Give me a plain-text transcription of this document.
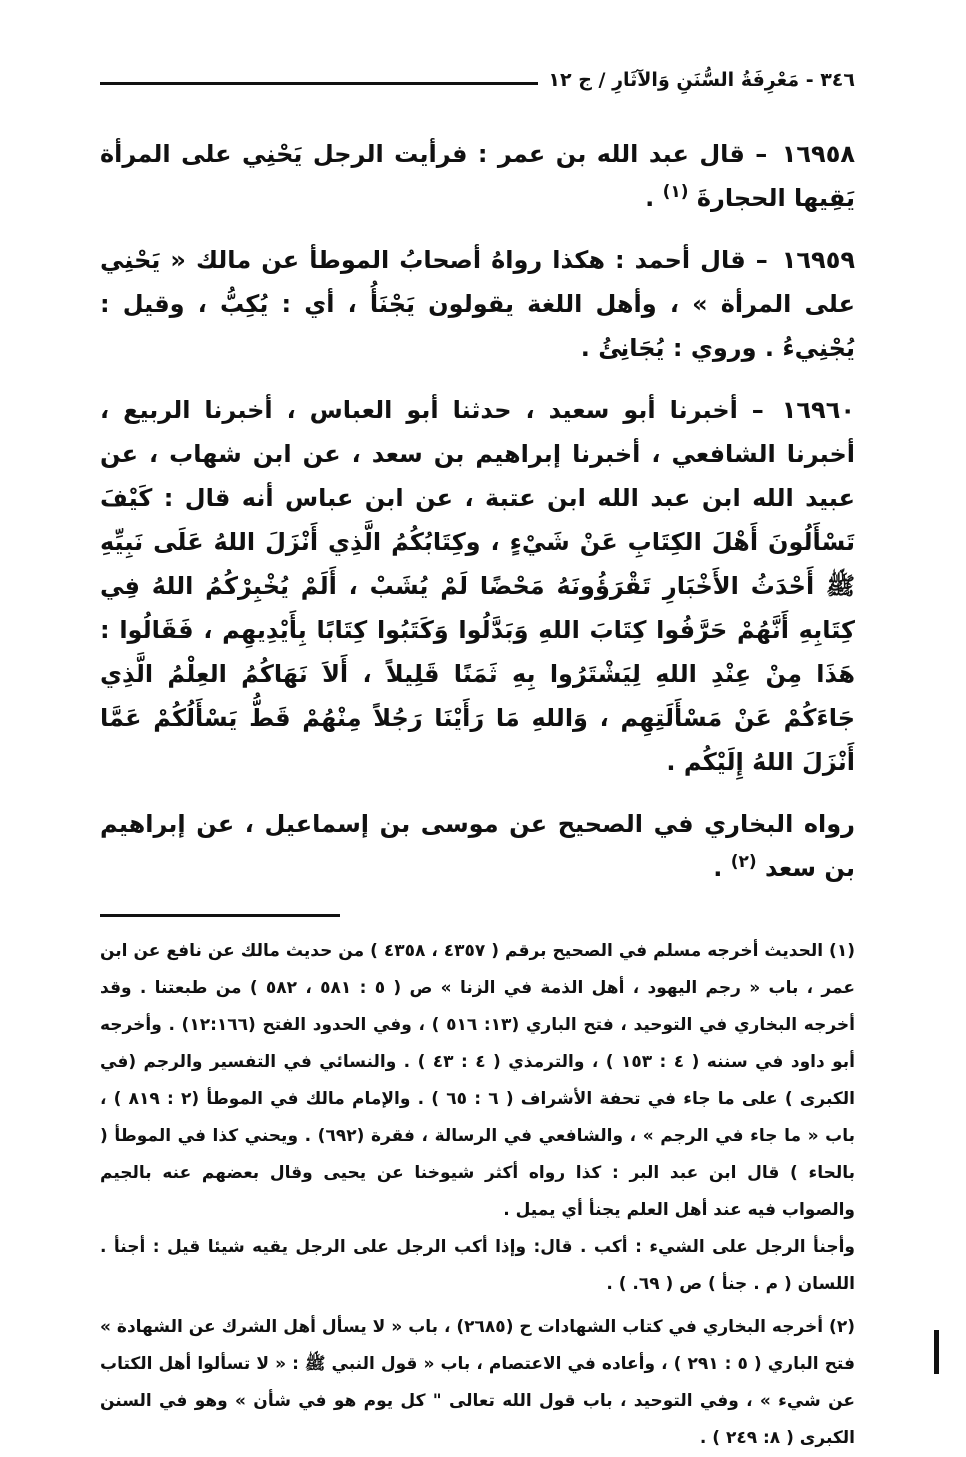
٣٤٦ - مَعْرِفَةُ السُّنَنِ وَالآثَارِ / ج ١٢

١٦٩٥٨ – قال عبد الله بن عمر : فرأيت الرجل يَحْنِي على المرأة يَقِيها الحجارةَ $^{(١)}$ .

١٦٩٥٩ – قال أحمد : هكذا رواهُ أصحابُ الموطأ عن مالك « يَحْنِي على المرأة » ، وأهل اللغة يقولون يَجْنَأُ ، أي : يُكِبُّ ، وقيل : يُجْنِيءُ . وروي : يُجَانِئُ .

١٦٩٦٠ – أخبرنا أبو سعيد ، حدثنا أبو العباس ، أخبرنا الربيع ، أخبرنا الشافعي ، أخبرنا إبراهيم بن سعد ، عن ابن شهاب ، عن عبيد الله ابن عبد الله ابن عتبة ، عن ابن عباس أنه قال : كَيْفَ تَسْأَلُونَ أَهْلَ الكِتَابِ عَنْ شَيْءٍ ، وكِتَابُكُمُ الَّذِي أَنْزَلَ اللهُ عَلَى نَبِيِّهِ ﷺ أَحْدَثُ الأَخْبَارِ تَقْرَؤُونَهُ مَحْضًا لَمْ يُشَبْ ، أَلَمْ يُخْبِرْكُمُ اللهُ فِي كِتَابِهِ أَنَّهُمْ حَرَّفُوا كِتَابَ اللهِ وَبَدَّلُوا وَكَتَبُوا كِتَابًا بِأَيْدِيهِم ، فَقَالُوا : هَذَا مِنْ عِنْدِ اللهِ لِيَشْتَرُوا بِهِ ثَمَنًا قَلِيلاً ، أَلاَ نَهَاكُمُ العِلْمُ الَّذِي جَاءَكُمْ عَنْ مَسْأَلَتِهِم ، وَاللهِ مَا رَأَيْنَا رَجُلاً مِنْهُمْ قَطُّ يَسْأَلُكُمْ عَمَّا أَنْزَلَ اللهُ إِلَيْكُم .

رواه البخاري في الصحيح عن موسى بن إسماعيل ، عن إبراهيم بن سعد $^{(٢)}$ .

(١) الحديث أخرجه مسلم في الصحيح برقم ( ٤٣٥٧ ، ٤٣٥٨ ) من حديث مالك عن نافع عن ابن عمر ، باب « رجم اليهود ، أهل الذمة في الزنا » ص ( ٥ : ٥٨١ ، ٥٨٢ ) من طبعتنا . وقد أخرجه البخاري في التوحيد ، فتح الباري (١٣: ٥١٦ ) ، وفي الحدود الفتح (١٢:١٦٦) . وأخرجه أبو داود في سننه ( ٤ : ١٥٣ ) ، والترمذي ( ٤ : ٤٣ ) . والنسائي في التفسير والرجم (في الكبرى ) على ما جاء في تحفة الأشراف ( ٦ : ٦٥ ) . والإمام مالك في الموطأ (٢ : ٨١٩ ) ، باب « ما جاء في الرجم » ، والشافعي في الرسالة ، فقرة (٦٩٢) . ويحني كذا في الموطأ ( بالحاء ) قال ابن عبد البر : كذا رواه أكثر شيوخنا عن يحيى وقال بعضهم عنه بالجيم والصواب فيه عند أهل العلم يجنأ أي يميل .

وأجنأ الرجل على الشيء : أكب . قال: وإذا أكب الرجل على الرجل يقيه شيئا قيل : أجنأ . اللسان ( م . جنأ ) ص ( ٦٩. ) .

(٢) أخرجه البخاري في كتاب الشهادات ح (٢٦٨٥) ، باب « لا يسأل أهل الشرك عن الشهادة » فتح الباري ( ٥ : ٢٩١ ) ، وأعاده في الاعتصام ، باب « قول النبي ﷺ : « لا تسألوا أهل الكتاب عن شيء » ، وفي التوحيد ، باب قول الله تعالى " كل يوم هو في شأن » وهو في السنن الكبرى ( ٨: ٢٤٩ ) .
